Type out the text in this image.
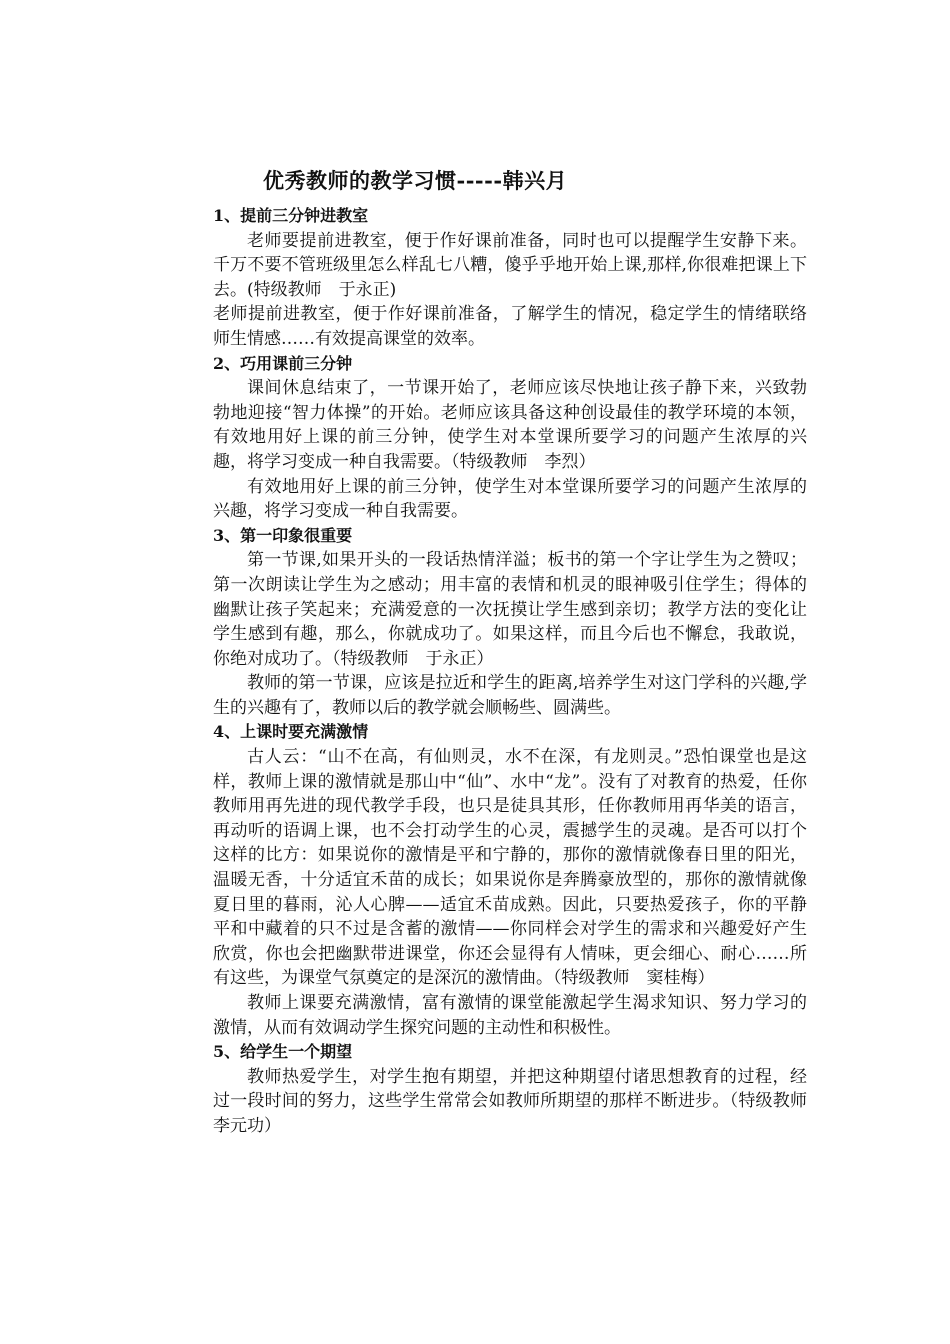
优秀教师的教学习惯-----韩兴月
1、提前三分钟进教室

老师要提前进教室，便于作好课前准备，同时也可以提醒学生安静下来。千万不要不管班级里怎么样乱七八糟，傻乎乎地开始上课,那样,你很难把课上下去。(特级教师　于永正)

老师提前进教室，便于作好课前准备，了解学生的情况，稳定学生的情绪联络师生情感……有效提高课堂的效率。

2、巧用课前三分钟

课间休息结束了，一节课开始了，老师应该尽快地让孩子静下来，兴致勃勃地迎接“智力体操”的开始。老师应该具备这种创设最佳的教学环境的本领，有效地用好上课的前三分钟，使学生对本堂课所要学习的问题产生浓厚的兴趣，将学习变成一种自我需要。（特级教师　李烈）

有效地用好上课的前三分钟，使学生对本堂课所要学习的问题产生浓厚的兴趣，将学习变成一种自我需要。

3、第一印象很重要

第一节课,如果开头的一段话热情洋溢；板书的第一个字让学生为之赞叹；第一次朗读让学生为之感动；用丰富的表情和机灵的眼神吸引住学生；得体的幽默让孩子笑起来；充满爱意的一次抚摸让学生感到亲切；教学方法的变化让学生感到有趣，那么，你就成功了。如果这样，而且今后也不懈怠，我敢说，你绝对成功了。（特级教师　于永正）

教师的第一节课，应该是拉近和学生的距离,培养学生对这门学科的兴趣,学生的兴趣有了，教师以后的教学就会顺畅些、圆满些。

4、上课时要充满激情

古人云：“山不在高，有仙则灵，水不在深，有龙则灵。”恐怕课堂也是这样，教师上课的激情就是那山中“仙”、水中“龙”。没有了对教育的热爱，任你教师用再先进的现代教学手段，也只是徒具其形，任你教师用再华美的语言，再动听的语调上课，也不会打动学生的心灵，震撼学生的灵魂。是否可以打个这样的比方：如果说你的激情是平和宁静的，那你的激情就像春日里的阳光，温暖无香，十分适宜禾苗的成长；如果说你是奔腾豪放型的，那你的激情就像夏日里的暮雨，沁人心脾——适宜禾苗成熟。因此，只要热爱孩子，你的平静平和中藏着的只不过是含蓄的激情——你同样会对学生的需求和兴趣爱好产生欣赏，你也会把幽默带进课堂，你还会显得有人情味，更会细心、耐心……所有这些，为课堂气氛奠定的是深沉的激情曲。（特级教师　窦桂梅）

教师上课要充满激情，富有激情的课堂能激起学生渴求知识、努力学习的激情，从而有效调动学生探究问题的主动性和积极性。

5、给学生一个期望

教师热爱学生，对学生抱有期望，并把这种期望付诸思想教育的过程，经过一段时间的努力，这些学生常常会如教师所期望的那样不断进步。（特级教师李元功）
